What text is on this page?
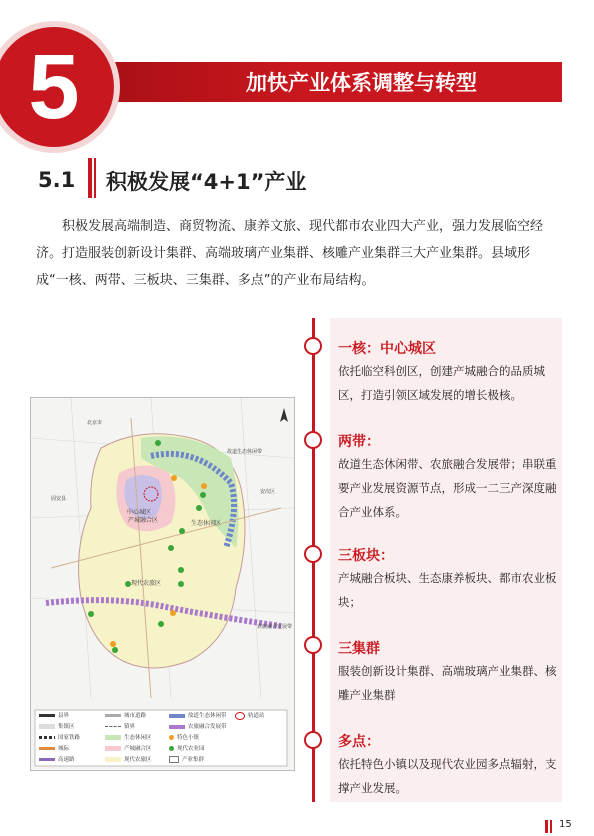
5	加快产业体系调整与转型
5.1 积极发展“4+1”产业

积极发展高端制造、商贸物流、康养文旅、现代都市农业四大产业，强力发展临空经济。打造服装创新设计集群、高端玻璃产业集群、核雕产业集群三大产业集群。县域形成“一核、两带、三板块、三集群、多点”的产业布局结构。

北京市
安次区
固安县
中心城区
产城融合区	生态休闲区
现代农旅区
农旅融合发展带
故道生态休闲带
县界	城市道路	故道生态休闲带	轨道站
集镇区	镇界	农旅融合发展带
国家铁路	生态休闲区	特色小镇
城际	产城融合区	现代农业园
高速路	现代农旅区	产业集群
一核：中心城区
依托临空科创区，创建产城融合的品质城区，打造引领区域发展的增长极核。
两带：
故道生态休闲带、农旅融合发展带；串联重要产业发展资源节点，形成一二三产深度融合产业体系。
三板块：
产城融合板块、生态康养板块、都市农业板块；
三集群
服装创新设计集群、高端玻璃产业集群、核雕产业集群
多点：
依托特色小镇以及现代农业园多点辐射，支撑产业发展。
15
